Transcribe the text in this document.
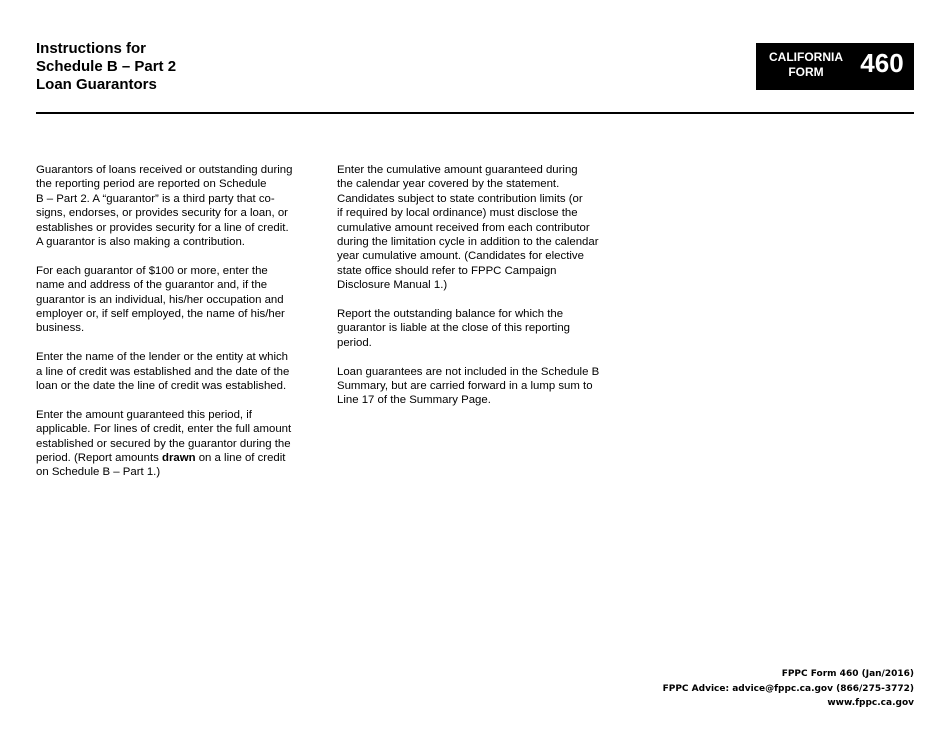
Instructions for
Schedule B – Part 2
Loan Guarantors
CALIFORNIA
FORM	460

Guarantors of loans received or outstanding during
the reporting period are reported on Schedule
B – Part 2. A “guarantor” is a third party that co-
signs, endorses, or provides security for a loan, or
establishes or provides security for a line of credit.
A guarantor is also making a contribution.

For each guarantor of $100 or more, enter the
name and address of the guarantor and, if the
guarantor is an individual, his/her occupation and
employer or, if self employed, the name of his/her
business.

Enter the name of the lender or the entity at which
a line of credit was established and the date of the
loan or the date the line of credit was established.

Enter the amount guaranteed this period, if
applicable. For lines of credit, enter the full amount
established or secured by the guarantor during the
period. (Report amounts drawn on a line of credit
on Schedule B – Part 1.)

Enter the cumulative amount guaranteed during
the calendar year covered by the statement.
Candidates subject to state contribution limits (or
if required by local ordinance) must disclose the
cumulative amount received from each contributor
during the limitation cycle in addition to the calendar
year cumulative amount. (Candidates for elective
state office should refer to FPPC Campaign
Disclosure Manual 1.)

Report the outstanding balance for which the
guarantor is liable at the close of this reporting
period.

Loan guarantees are not included in the Schedule B
Summary, but are carried forward in a lump sum to
Line 17 of the Summary Page.

FPPC Form 460 (Jan/2016)
FPPC Advice: advice@fppc.ca.gov (866/275-3772)
www.fppc.ca.gov
